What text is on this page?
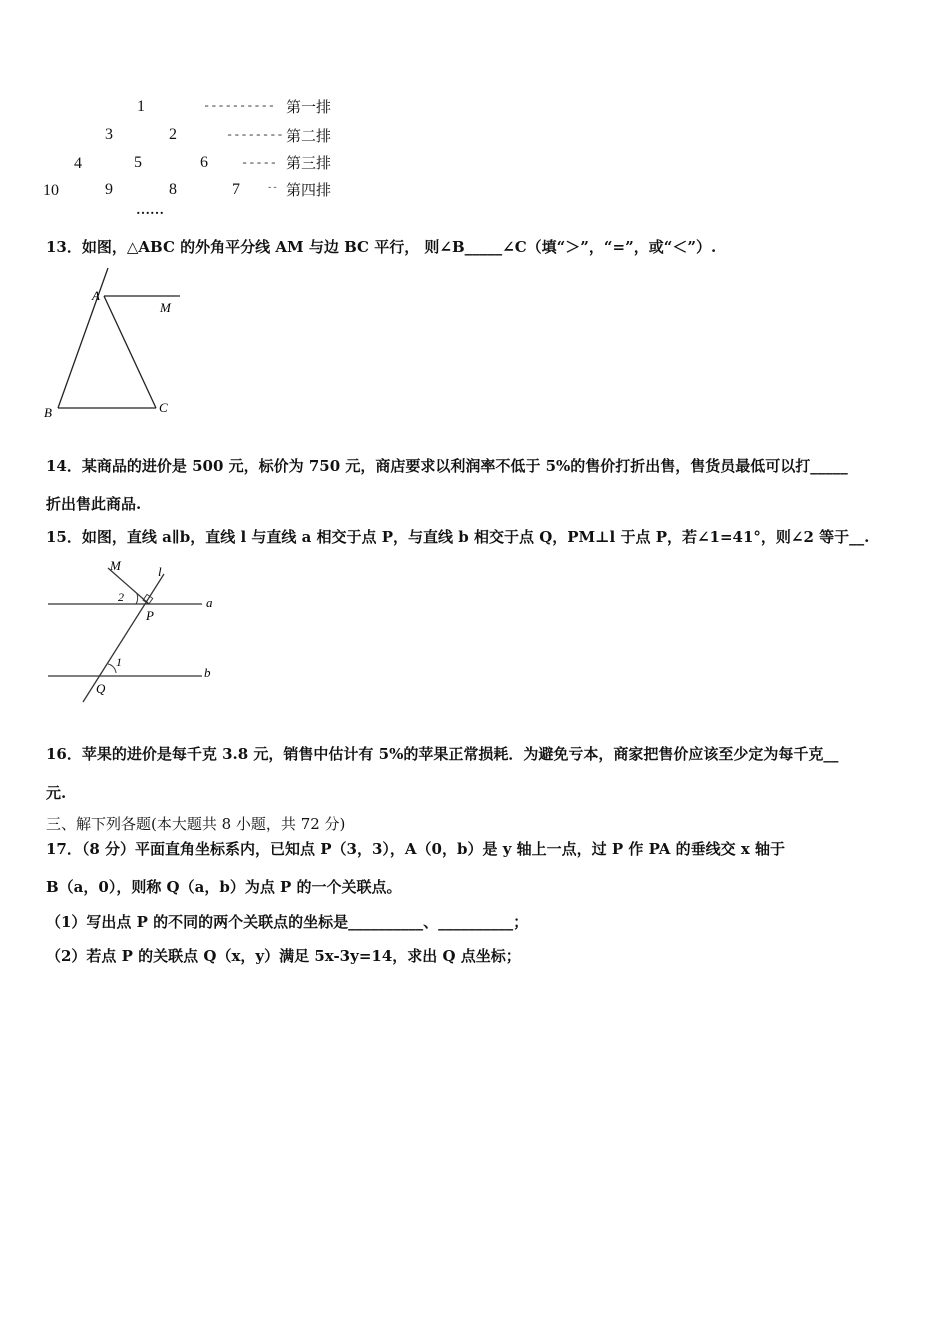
1	---------- 第一排
3	2	-------- 第二排
4	5	6	----- 第三排
10	9	8	7	-- 第四排
……
13．如图，△ABC 的外角平分线 AM 与边 BC 平行， 则∠B_____∠C（填“＞”，“=”，或“＜”）.
A
M
B	C
14．某商品的进价是 500 元，标价为 750 元，商店要求以利润率不低于 5%的售价打折出售，售货员最低可以打_____
折出售此商品.
15．如图，直线 a∥b，直线 l 与直线 a 相交于点 P，与直线 b 相交于点 Q，PM⊥l 于点 P，若∠1=41°，则∠2 等于__.
M	l
a
b
P
Q
1
2
16．苹果的进价是每千克 3.8 元，销售中估计有 5%的苹果正常损耗．为避免亏本，商家把售价应该至少定为每千克__
元.
三、解下列各题(本大题共 8 小题，共 72 分)
17．（8 分）平面直角坐标系内，已知点 P（3，3），A（0，b）是 y 轴上一点，过 P 作 PA 的垂线交 x 轴于
B（a，0），则称 Q（a，b）为点 P 的一个关联点。
（1）写出点 P 的不同的两个关联点的坐标是__________、__________；
（2）若点 P 的关联点 Q（x，y）满足 5x-3y=14，求出 Q 点坐标；
